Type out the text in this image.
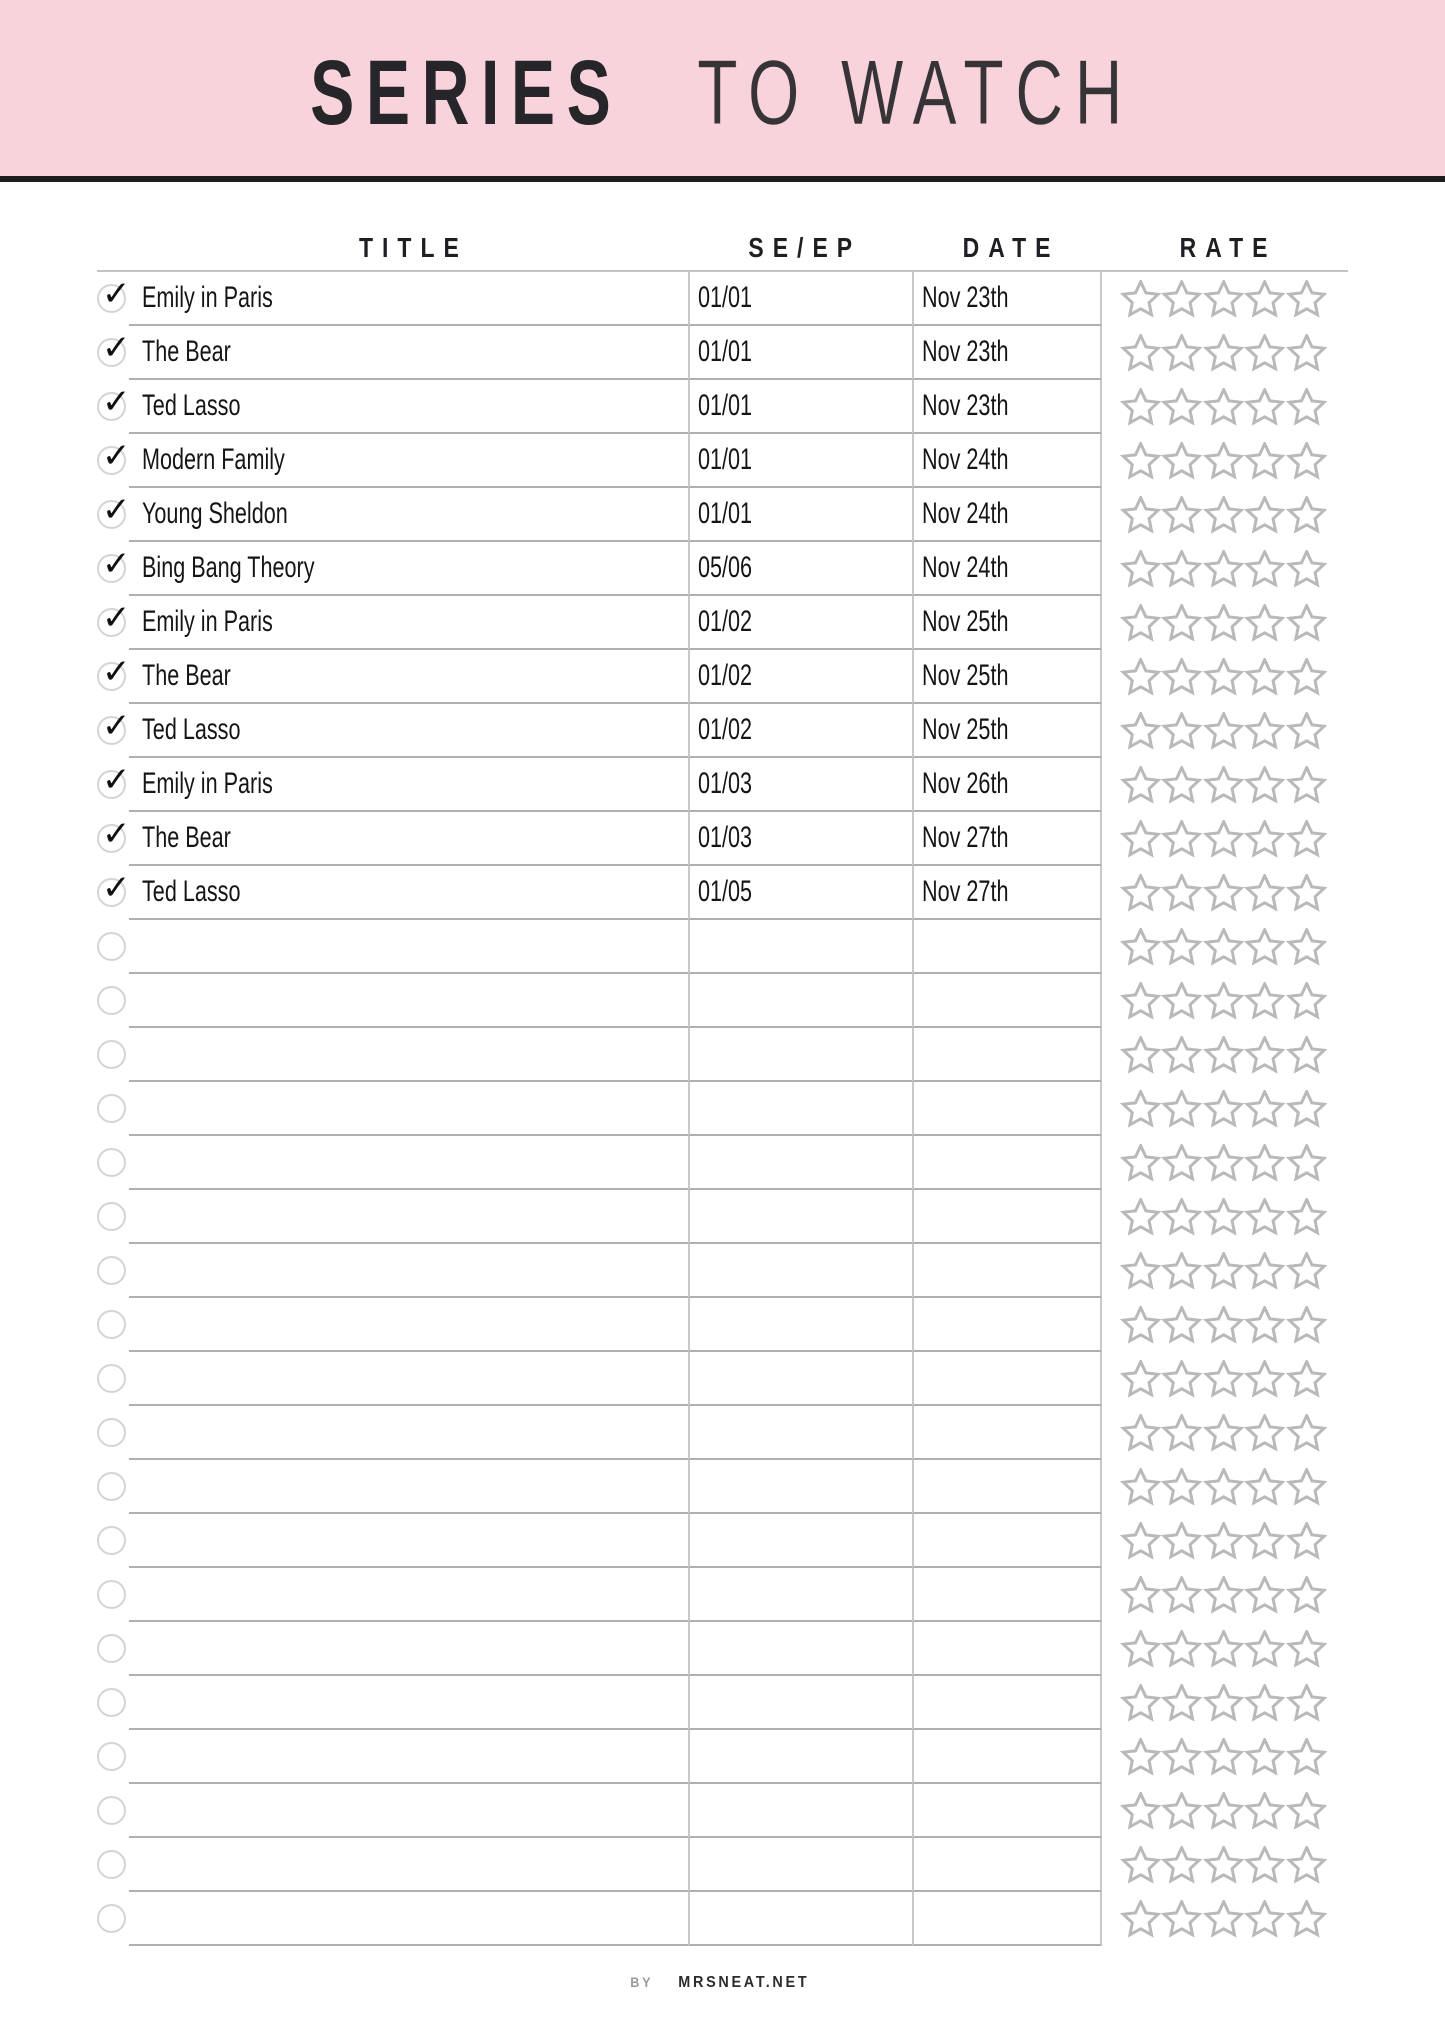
SERIES TO WATCH
TITLE	SE/EP	DATE	RATE
✓ Emily in Paris	01/01	Nov 23th
✓ The Bear	01/01	Nov 23th
✓ Ted Lasso	01/01	Nov 23th
✓ Modern Family	01/01	Nov 24th
✓ Young Sheldon	01/01	Nov 24th
✓ Bing Bang Theory	05/06	Nov 24th
✓ Emily in Paris	01/02	Nov 25th
✓ The Bear	01/02	Nov 25th
✓ Ted Lasso	01/02	Nov 25th
✓ Emily in Paris	01/03	Nov 26th
✓ The Bear	01/03	Nov 27th
✓ Ted Lasso	01/05	Nov 27th
BY MRSNEAT.NET
